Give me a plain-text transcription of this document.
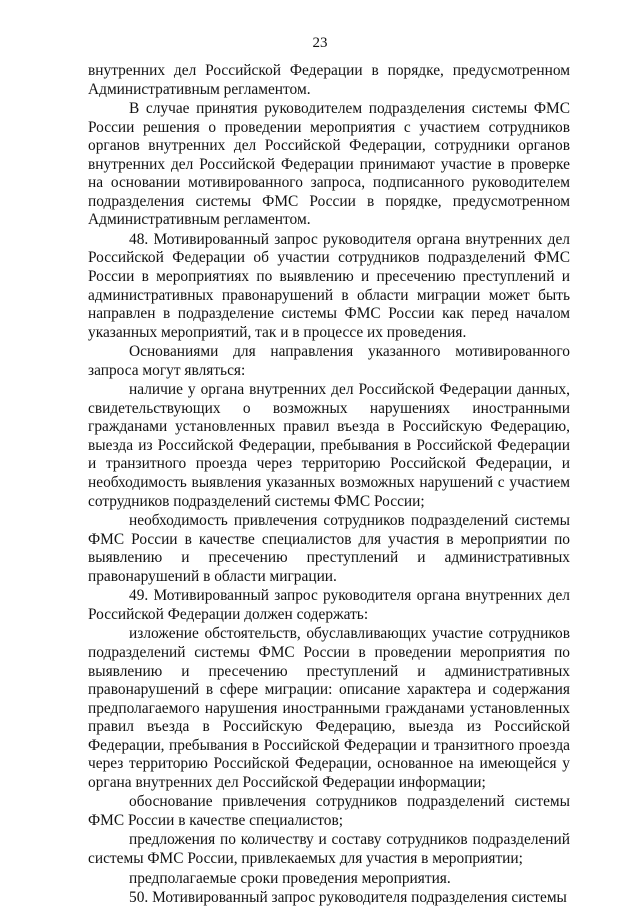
23

внутренних дел Российской Федерации в порядке, предусмотренном Административным регламентом.

В случае принятия руководителем подразделения системы ФМС России решения о проведении мероприятия с участием сотрудников органов внутренних дел Российской Федерации, сотрудники органов внутренних дел Российской Федерации принимают участие в проверке на основании мотивированного запроса, подписанного руководителем подразделения системы ФМС России в порядке, предусмотренном Административным регламентом.

48. Мотивированный запрос руководителя органа внутренних дел Российской Федерации об участии сотрудников подразделений ФМС России в мероприятиях по выявлению и пресечению преступлений и административных правонарушений в области миграции может быть направлен в подразделение системы ФМС России как перед началом указанных мероприятий, так и в процессе их проведения.

Основаниями для направления указанного мотивированного запроса могут являться:

наличие у органа внутренних дел Российской Федерации данных, свидетельствующих о возможных нарушениях иностранными гражданами установленных правил въезда в Российскую Федерацию, выезда из Российской Федерации, пребывания в Российской Федерации и транзитного проезда через территорию Российской Федерации, и необходимость выявления указанных возможных нарушений с участием сотрудников подразделений системы ФМС России;

необходимость привлечения сотрудников подразделений системы ФМС России в качестве специалистов для участия в мероприятии по выявлению и пресечению преступлений и административных правонарушений в области миграции.

49. Мотивированный запрос руководителя органа внутренних дел Российской Федерации должен содержать:

изложение обстоятельств, обуславливающих участие сотрудников подразделений системы ФМС России в проведении мероприятия по выявлению и пресечению преступлений и административных правонарушений в сфере миграции: описание характера и содержания предполагаемого нарушения иностранными гражданами установленных правил въезда в Российскую Федерацию, выезда из Российской Федерации, пребывания в Российской Федерации и транзитного проезда через территорию Российской Федерации, основанное на имеющейся у органа внутренних дел Российской Федерации информации;

обоснование привлечения сотрудников подразделений системы ФМС России в качестве специалистов;

предложения по количеству и составу сотрудников подразделений системы ФМС России, привлекаемых для участия в мероприятии;

предполагаемые сроки проведения мероприятия.

50. Мотивированный запрос руководителя подразделения системы
